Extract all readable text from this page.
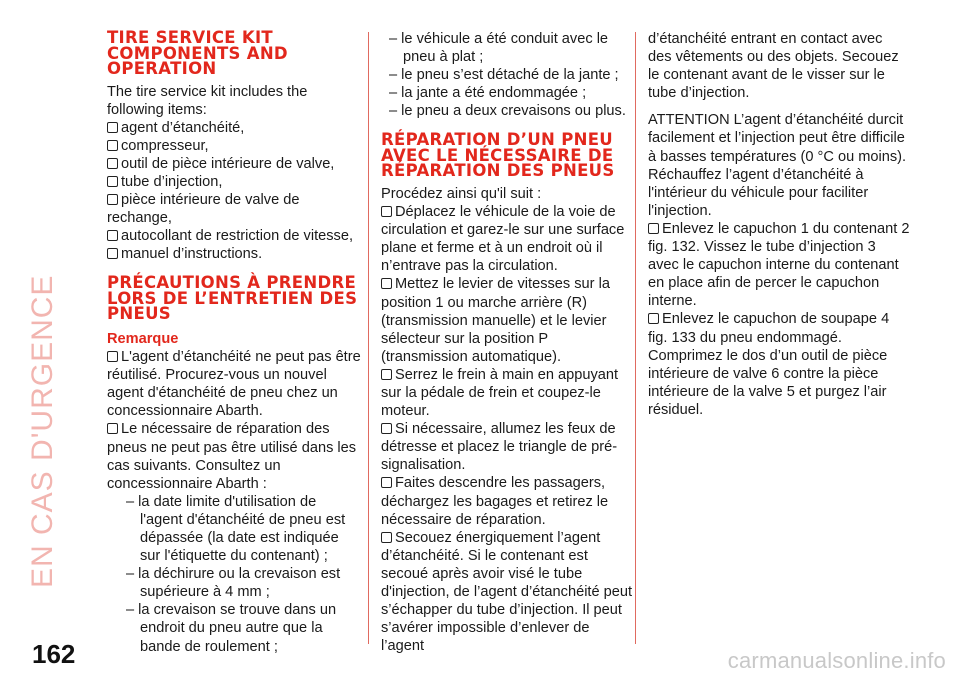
EN CAS D'URGENCE
162
TIRE SERVICE KIT COMPONENTS AND OPERATION

The tire service kit includes the following items:

agent d’étanchéité,
compresseur,
outil de pièce intérieure de valve,
tube d’injection,
pièce intérieure de valve de rechange,
autocollant de restriction de vitesse,
manuel d’instructions.
PRÉCAUTIONS À PRENDRE LORS DE L’ENTRETIEN DES PNEUS
Remarque
L'agent d’étanchéité ne peut pas être réutilisé. Procurez-vous un nouvel agent d'étanchéité de pneu chez un concessionnaire Abarth.
Le nécessaire de réparation des pneus ne peut pas être utilisé dans les cas suivants. Consultez un concessionnaire Abarth :
– la date limite d'utilisation de l'agent d'étanchéité de pneu est dépassée (la date est indiquée sur l'étiquette du contenant) ;
– la déchirure ou la crevaison est supérieure à 4 mm ;
– la crevaison se trouve dans un endroit du pneu autre que la bande de roulement ;
– le véhicule a été conduit avec le pneu à plat ;
– le pneu s’est détaché de la jante ;
– la jante a été endommagée ;
– le pneu a deux crevaisons ou plus.
RÉPARATION D’UN PNEU AVEC LE NÉCESSAIRE DE RÉPARATION DES PNEUS

Procédez ainsi qu'il suit :

Déplacez le véhicule de la voie de circulation et garez-le sur une surface plane et ferme et à un endroit où il n’entrave pas la circulation.
Mettez le levier de vitesses sur la position 1 ou marche arrière (R) (transmission manuelle) et le levier sélecteur sur la position P (transmission automatique).
Serrez le frein à main en appuyant sur la pédale de frein et coupez-le moteur.
Si nécessaire, allumez les feux de détresse et placez le triangle de pré-signalisation.
Faites descendre les passagers, déchargez les bagages et retirez le nécessaire de réparation.
Secouez énergiquement l’agent d’étanchéité. Si le contenant est secoué après avoir visé le tube d'injection, de l’agent d’étanchéité peut s’échapper du tube d’injection. Il peut s’avérer impossible d’enlever de l’agent

d’étanchéité entrant en contact avec des vêtements ou des objets. Secouez le contenant avant de le visser sur le tube d’injection.

ATTENTION L’agent d’étanchéité durcit facilement et l’injection peut être difficile à basses températures (0 °C ou moins). Réchauffez l’agent d’étanchéité à l'intérieur du véhicule pour faciliter l'injection.

Enlevez le capuchon 1 du contenant 2 fig. 132. Vissez le tube d’injection 3 avec le capuchon interne du contenant en place afin de percer le capuchon interne.
Enlevez le capuchon de soupape 4 fig. 133 du pneu endommagé. Comprimez le dos d’un outil de pièce intérieure de valve 6 contre la pièce intérieure de la valve 5 et purgez l’air résiduel.
carmanualsonline.info
